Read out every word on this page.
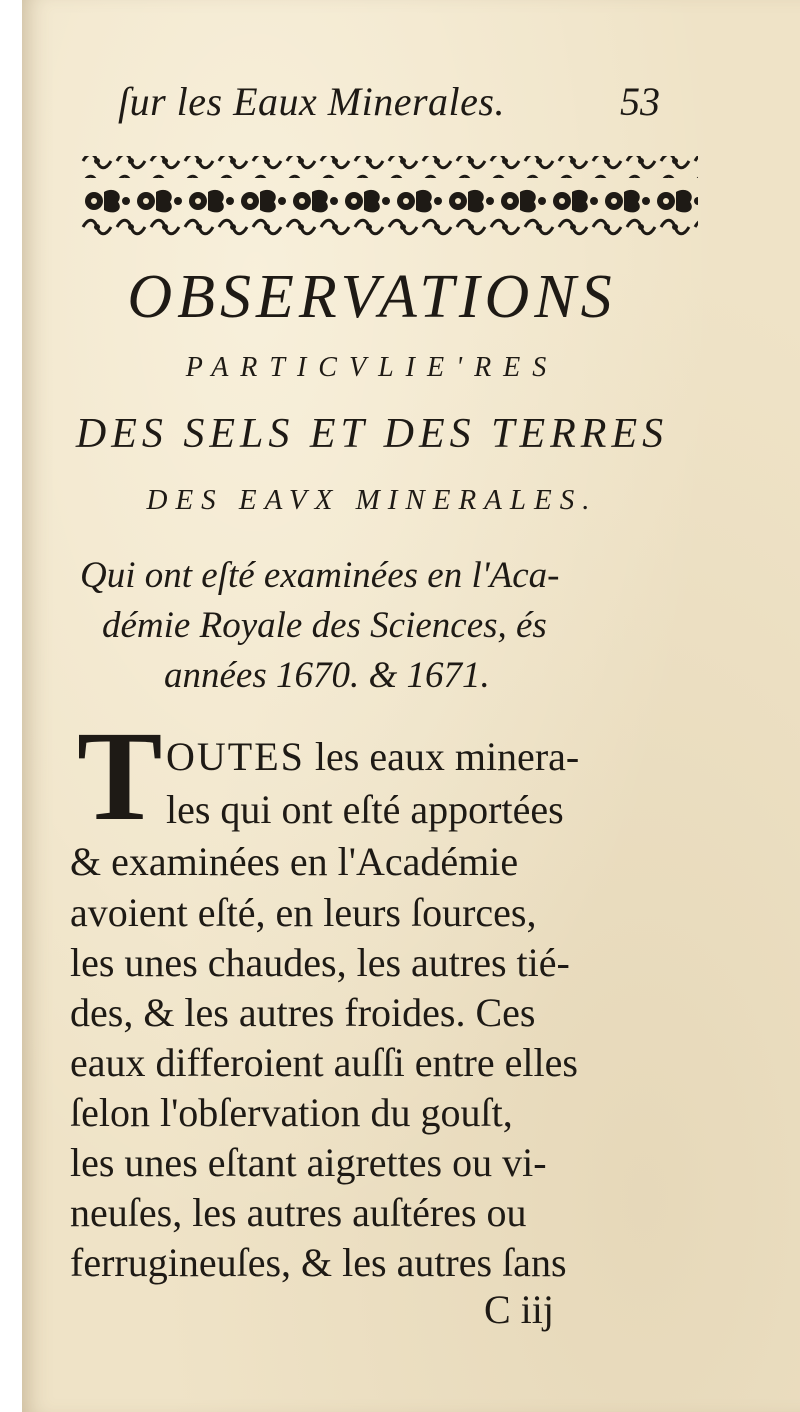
ſur les Eaux Minerales.	53
OBSERVATIONS
PARTICVLIE'RES
DES SELS ET DES TERRES
DES EAVX MINERALES.
Qui ont eſté examinées en l'Aca-
démie Royale des Sciences, és
années 1670. & 1671.
T OUTES les eaux minera-
les qui ont eſté apportées
& examinées en l'Académie
avoient eſté, en leurs ſources,
les unes chaudes, les autres tié-
des, & les autres froides. Ces
eaux differoient auſſi entre elles
ſelon l'obſervation du gouſt,
les unes eſtant aigrettes ou vi-
neuſes, les autres auſtéres ou
ferrugineuſes, & les autres ſans
C iij
